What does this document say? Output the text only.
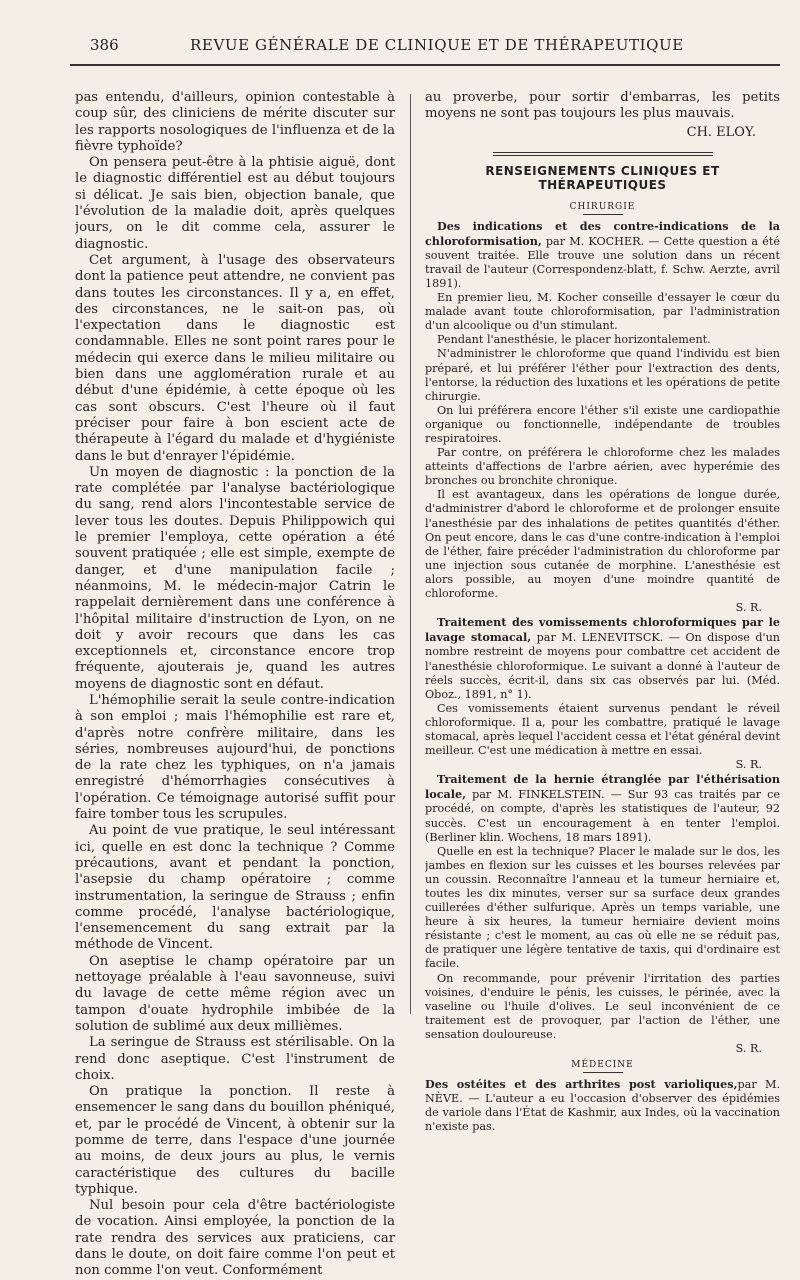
386	REVUE GÉNÉRALE DE CLINIQUE ET DE THÉRAPEUTIQUE

pas entendu, d'ailleurs, opinion contestable à coup sûr, des cliniciens de mérite discuter sur les rapports nosologiques de l'influenza et de la fièvre typhoïde?

On pensera peut-être à la phtisie aiguë, dont le diagnostic différentiel est au début toujours si délicat. Je sais bien, objection banale, que l'évolution de la maladie doit, après quelques jours, on le dit comme cela, assurer le diagnostic.

Cet argument, à l'usage des observateurs dont la patience peut attendre, ne convient pas dans toutes les circonstances. Il y a, en effet, des circonstances, ne le sait-on pas, où l'expectation dans le diagnostic est condamnable. Elles ne sont point rares pour le médecin qui exerce dans le milieu militaire ou bien dans une agglomération rurale et au début d'une épidémie, à cette époque où les cas sont obscurs. C'est l'heure où il faut préciser pour faire à bon escient acte de thérapeute à l'égard du malade et d'hygiéniste dans le but d'enrayer l'épidémie.

Un moyen de diagnostic : la ponction de la rate complétée par l'analyse bactériologique du sang, rend alors l'incontestable service de lever tous les doutes. Depuis Philippowich qui le premier l'employa, cette opération a été souvent pratiquée ; elle est simple, exempte de danger, et d'une manipulation facile ; néanmoins, M. le médecin-major Catrin le rappelait dernièrement dans une conférence à l'hôpital militaire d'instruction de Lyon, on ne doit y avoir recours que dans les cas exceptionnels et, circonstance encore trop fréquente, ajouterais je, quand les autres moyens de diagnostic sont en défaut.

L'hémophilie serait la seule contre-indication à son emploi ; mais l'hémophilie est rare et, d'après notre confrère militaire, dans les séries, nombreuses aujourd'hui, de ponctions de la rate chez les typhiques, on n'a jamais enregistré d'hémorrhagies consécutives à l'opération. Ce témoignage autorisé suffit pour faire tomber tous les scrupules.

Au point de vue pratique, le seul intéressant ici, quelle en est donc la technique ? Comme précautions, avant et pendant la ponction, l'asepsie du champ opératoire ; comme instrumentation, la seringue de Strauss ; enfin comme procédé, l'analyse bactériologique, l'ensemencement du sang extrait par la méthode de Vincent.

On aseptise le champ opératoire par un nettoyage préalable à l'eau savonneuse, suivi du lavage de cette même région avec un tampon d'ouate hydrophile imbibée de la solution de sublimé aux deux millièmes.

La seringue de Strauss est stérilisable. On la rend donc aseptique. C'est l'instrument de choix.

On pratique la ponction. Il reste à ensemencer le sang dans du bouillon phéniqué, et, par le procédé de Vincent, à obtenir sur la pomme de terre, dans l'espace d'une journée au moins, de deux jours au plus, le vernis caractéristique des cultures du bacille typhique.

Nul besoin pour cela d'être bactériologiste de vocation. Ainsi employée, la ponction de la rate rendra des services aux praticiens, car dans le doute, on doit faire comme l'on peut et non comme l'on veut. Conformément

au proverbe, pour sortir d'embarras, les petits moyens ne sont pas toujours les plus mauvais.

CH. ELOY.
RENSEIGNEMENTS CLINIQUES ET THÉRAPEUTIQUES
CHIRURGIE

Des indications et des contre-indications de la chloroformisation, par M. KOCHER. — Cette question a été souvent traitée. Elle trouve une solution dans un récent travail de l'auteur (Correspondenz-blatt, f. Schw. Aerzte, avril 1891).

En premier lieu, M. Kocher conseille d'essayer le cœur du malade avant toute chloroformisation, par l'administration d'un alcoolique ou d'un stimulant.

Pendant l'anesthésie, le placer horizontalement.

N'administrer le chloroforme que quand l'individu est bien préparé, et lui préférer l'éther pour l'extraction des dents, l'entorse, la réduction des luxations et les opérations de petite chirurgie.

On lui préférera encore l'éther s'il existe une cardiopathie organique ou fonctionnelle, indépendante de troubles respiratoires.

Par contre, on préférera le chloroforme chez les malades atteints d'affections de l'arbre aérien, avec hyperémie des bronches ou bronchite chronique.

Il est avantageux, dans les opérations de longue durée, d'administrer d'abord le chloroforme et de prolonger ensuite l'anesthésie par des inhalations de petites quantités d'éther. On peut encore, dans le cas d'une contre-indication à l'emploi de l'éther, faire précéder l'administration du chloroforme par une injection sous cutanée de morphine. L'anesthésie est alors possible, au moyen d'une moindre quantité de chloroforme.

S. R.

Traitement des vomissements chloroformiques par le lavage stomacal, par M. LENEVITSCK. — On dispose d'un nombre restreint de moyens pour combattre cet accident de l'anesthésie chloroformique. Le suivant a donné à l'auteur de réels succès, écrit-il, dans six cas observés par lui. (Méd. Oboz., 1891, n° 1).

Ces vomissements étaient survenus pendant le réveil chloroformique. Il a, pour les combattre, pratiqué le lavage stomacal, après lequel l'accident cessa et l'état général devint meilleur. C'est une médication à mettre en essai.

S. R.

Traitement de la hernie étranglée par l'éthérisation locale, par M. FINKELSTEIN. — Sur 93 cas traités par ce procédé, on compte, d'après les statistiques de l'auteur, 92 succès. C'est un encouragement à en tenter l'emploi. (Berliner klin. Wochens, 18 mars 1891).

Quelle en est la technique? Placer le malade sur le dos, les jambes en flexion sur les cuisses et les bourses relevées par un coussin. Reconnaître l'anneau et la tumeur herniaire et, toutes les dix minutes, verser sur sa surface deux grandes cuillerées d'éther sulfurique. Après un temps variable, une heure à six heures, la tumeur herniaire devient moins résistante ; c'est le moment, au cas où elle ne se réduit pas, de pratiquer une légère tentative de taxis, qui d'ordinaire est facile.

On recommande, pour prévenir l'irritation des parties voisines, d'enduire le pénis, les cuisses, le périnée, avec la vaseline ou l'huile d'olives. Le seul inconvénient de ce traitement est de provoquer, par l'action de l'éther, une sensation douloureuse.

S. R.
MÉDECINE

Des ostéites et des arthrites post varioliques,par M. NÈVE. — L'auteur a eu l'occasion d'observer des épidémies de variole dans l'État de Kashmir, aux Indes, où la vaccination n'existe pas.
